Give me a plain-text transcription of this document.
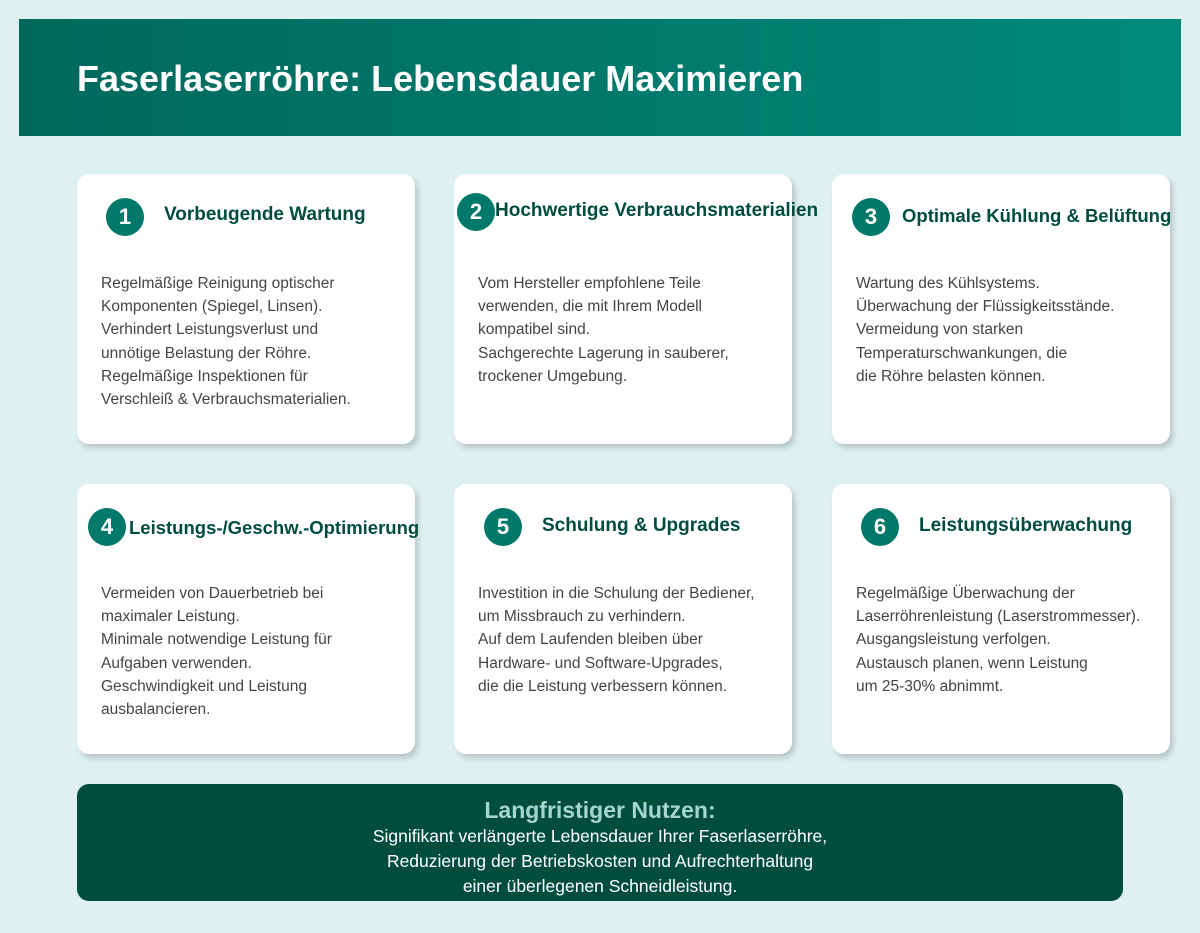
Faserlaserröhre: Lebensdauer Maximieren
1	Vorbeugende Wartung
Regelmäßige Reinigung optischer
Komponenten (Spiegel, Linsen).
Verhindert Leistungsverlust und
unnötige Belastung der Röhre.
Regelmäßige Inspektionen für
Verschleiß & Verbrauchsmaterialien.
2 Hochwertige Verbrauchsmaterialien
Vom Hersteller empfohlene Teile
verwenden, die mit Ihrem Modell
kompatibel sind.
Sachgerechte Lagerung in sauberer,
trockener Umgebung.
3	Optimale Kühlung & Belüftung
Wartung des Kühlsystems.
Überwachung der Flüssigkeitsstände.
Vermeidung von starken
Temperaturschwankungen, die
die Röhre belasten können.
4 Leistungs-/Geschw.-Optimierung
Vermeiden von Dauerbetrieb bei
maximaler Leistung.
Minimale notwendige Leistung für
Aufgaben verwenden.
Geschwindigkeit und Leistung
ausbalancieren.
5	Schulung & Upgrades
Investition in die Schulung der Bediener,
um Missbrauch zu verhindern.
Auf dem Laufenden bleiben über
Hardware- und Software-Upgrades,
die die Leistung verbessern können.
6	Leistungsüberwachung
Regelmäßige Überwachung der
Laserröhrenleistung (Laserstrommesser).
Ausgangsleistung verfolgen.
Austausch planen, wenn Leistung
um 25-30% abnimmt.
Langfristiger Nutzen:
Signifikant verlängerte Lebensdauer Ihrer Faserlaserröhre,
Reduzierung der Betriebskosten und Aufrechterhaltung
einer überlegenen Schneidleistung.
